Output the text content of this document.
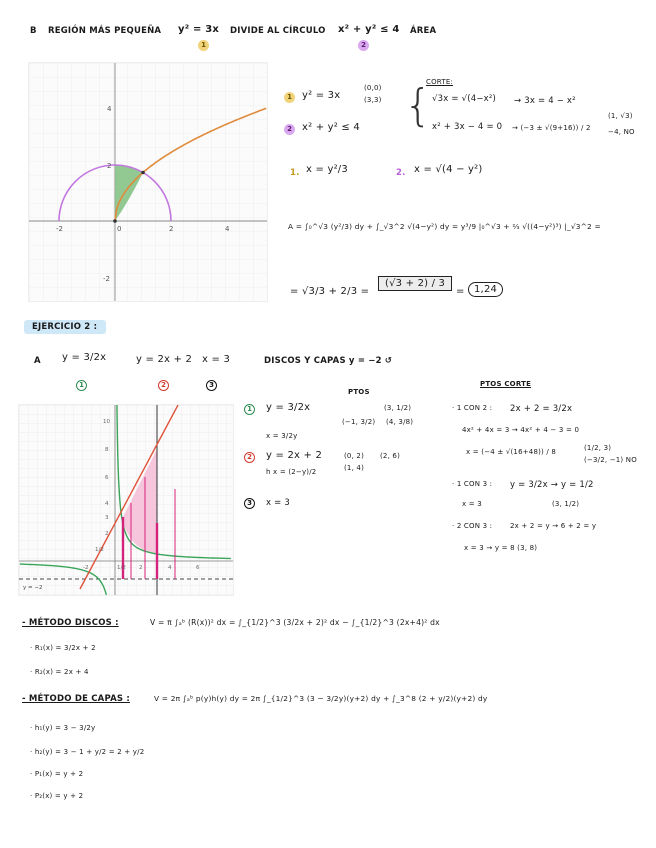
B REGIÓN MÁS PEQUEÑA y² = 3x
1
DIVIDE AL CÍRCULO x² + y² ≤ 4
2
ÁREA
-2	0	2	4
4
2
-2
1	y² = 3x
(0,0)
(3,3)
2	x² + y² ≤ 4 {
CORTE:
√3x = √(4−x²) → 3x = 4 − x²
x² + 3x − 4 = 0 → (−3 ± √(9+16)) / 2
(1, √3)
−4, NO
1. x = y²/3	2. x = √(4 − y²)
A = ∫₀^√3 (y²/3) dy + ∫_√3^2 √(4−y²) dy = y³/9 |₀^√3 + ⅔ √((4−y²)³) |_√3^2 =
= √3/3 + 2/3 =
(√3 + 2) / 3
= 1,24
EJERCICIO 2 :
A y = 3/2x	y = 2x + 2 x = 3	DISCOS Y CAPAS y = −2 ↺
1	2	3
10
8
6
4
3
2
1/2
-2	1/2 2	4	6
y = −2
1	y = 3/2x
x = 3/2y
PTOS
(−1, 3/2) (4, 3/8)
(3, 1/2)
2	y = 2x + 2
h x = (2−y)/2
(0, 2) (2, 6)
(1, 4)
3	x = 3
PTOS CORTE
· 1 CON 2 : 2x + 2 = 3/2x
4x² + 4x = 3 → 4x² + 4 − 3 = 0
x = (−4 ± √(16+48)) / 8	(1/2, 3)
(−3/2, −1) NO
· 1 CON 3 : y = 3/2x → y = 1/2
x = 3	(3, 1/2)
· 2 CON 3 :	2x + 2 = y → 6 + 2 = y
x = 3 → y = 8 (3, 8)
- MÉTODO DISCOS :	V = π ∫ₐᵇ (R(x))² dx = ∫_{1/2}^3 (3/2x + 2)² dx − ∫_{1/2}^3 (2x+4)² dx
· R₁(x) = 3/2x + 2
· R₂(x) = 2x + 4
- MÉTODO DE CAPAS :	V = 2π ∫ₐᵇ p(y)h(y) dy = 2π ∫_{1/2}^3 (3 − 3/2y)(y+2) dy + ∫_3^8 (2 + y/2)(y+2) dy
· h₁(y) = 3 − 3/2y
· h₂(y) = 3 − 1 + y/2 = 2 + y/2
· P₁(x) = y + 2
· P₂(x) = y + 2
